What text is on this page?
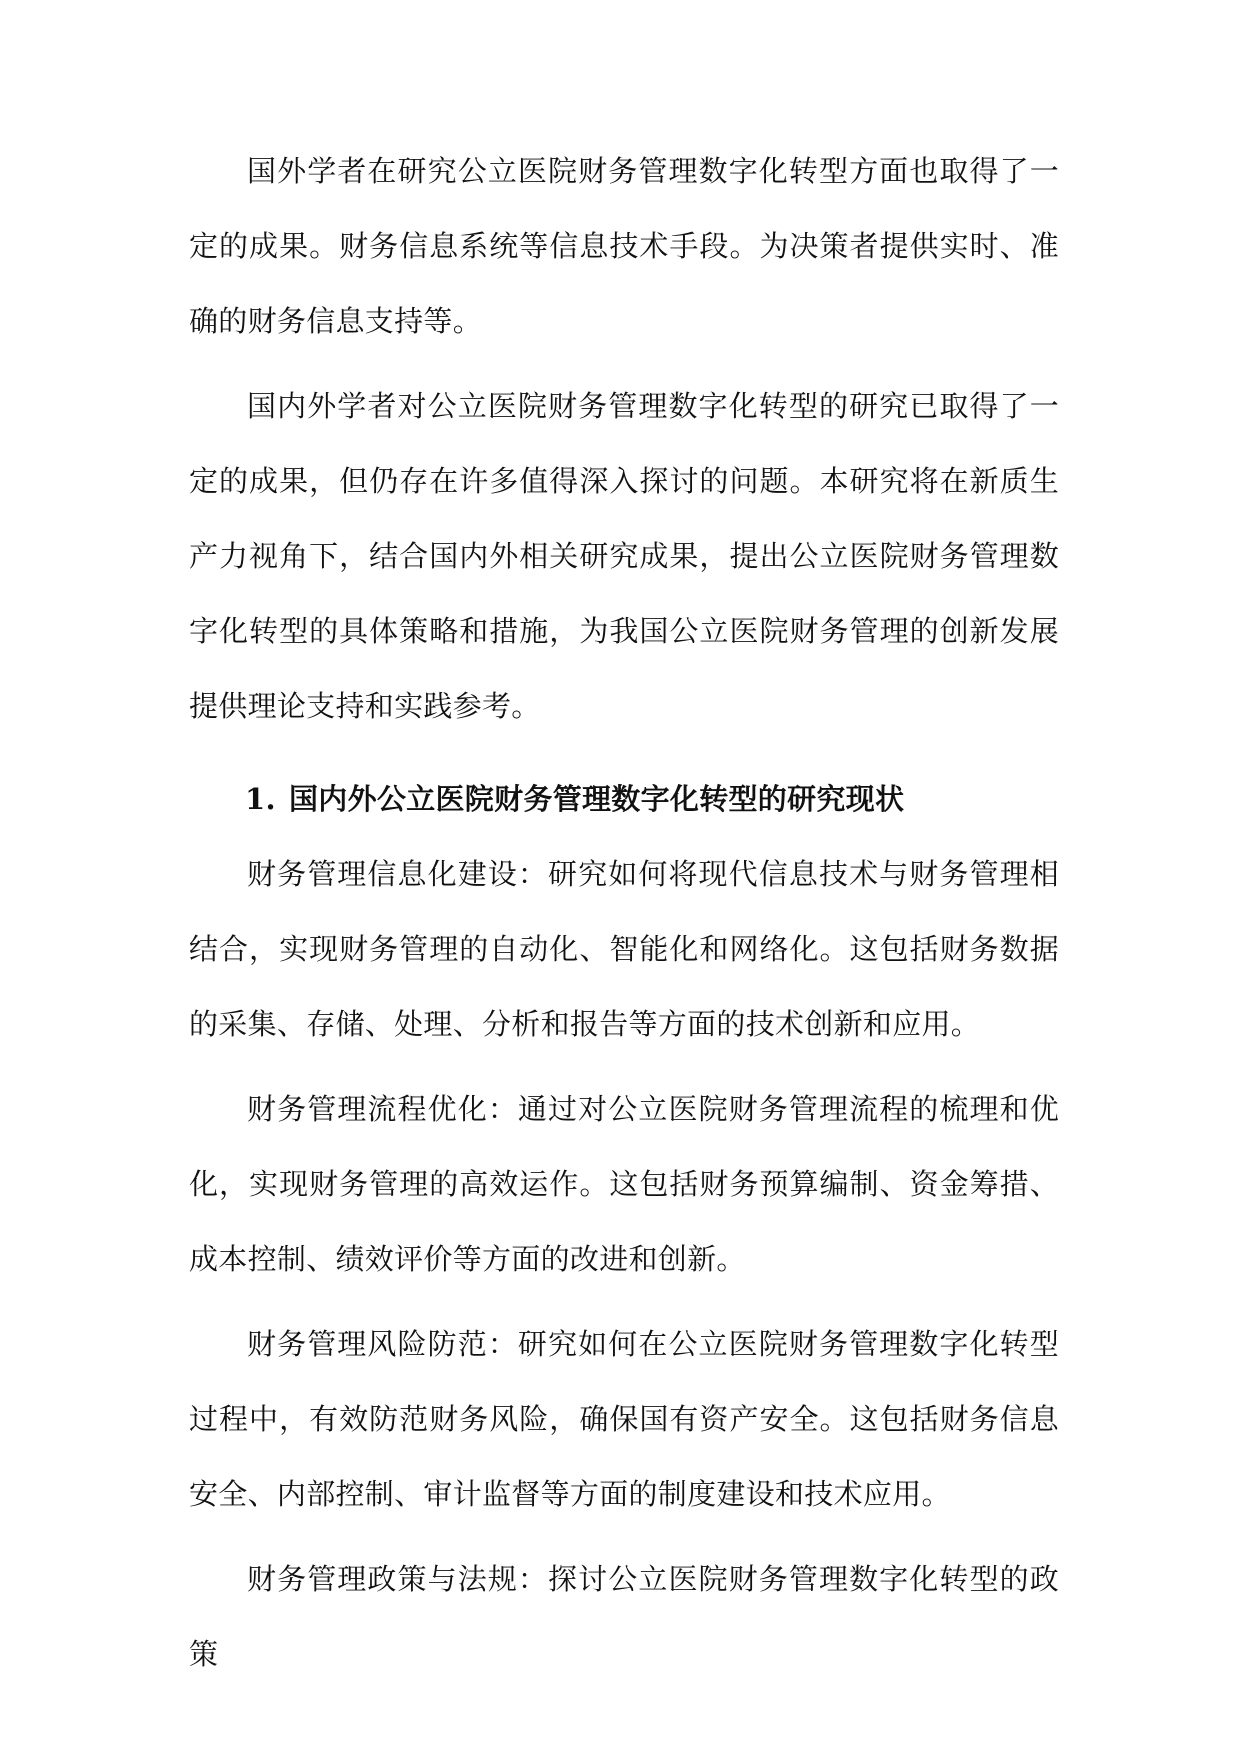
国外学者在研究公立医院财务管理数字化转型方面也取得了一定的成果。财务信息系统等信息技术手段。为决策者提供实时、准确的财务信息支持等。

国内外学者对公立医院财务管理数字化转型的研究已取得了一定的成果，但仍存在许多值得深入探讨的问题。本研究将在新质生产力视角下，结合国内外相关研究成果，提出公立医院财务管理数字化转型的具体策略和措施，为我国公立医院财务管理的创新发展提供理论支持和实践参考。

1. 国内外公立医院财务管理数字化转型的研究现状

财务管理信息化建设：研究如何将现代信息技术与财务管理相结合，实现财务管理的自动化、智能化和网络化。这包括财务数据的采集、存储、处理、分析和报告等方面的技术创新和应用。

财务管理流程优化：通过对公立医院财务管理流程的梳理和优化，实现财务管理的高效运作。这包括财务预算编制、资金筹措、成本控制、绩效评价等方面的改进和创新。

财务管理风险防范：研究如何在公立医院财务管理数字化转型过程中，有效防范财务风险，确保国有资产安全。这包括财务信息安全、内部控制、审计监督等方面的制度建设和技术应用。

财务管理政策与法规：探讨公立医院财务管理数字化转型的政策
